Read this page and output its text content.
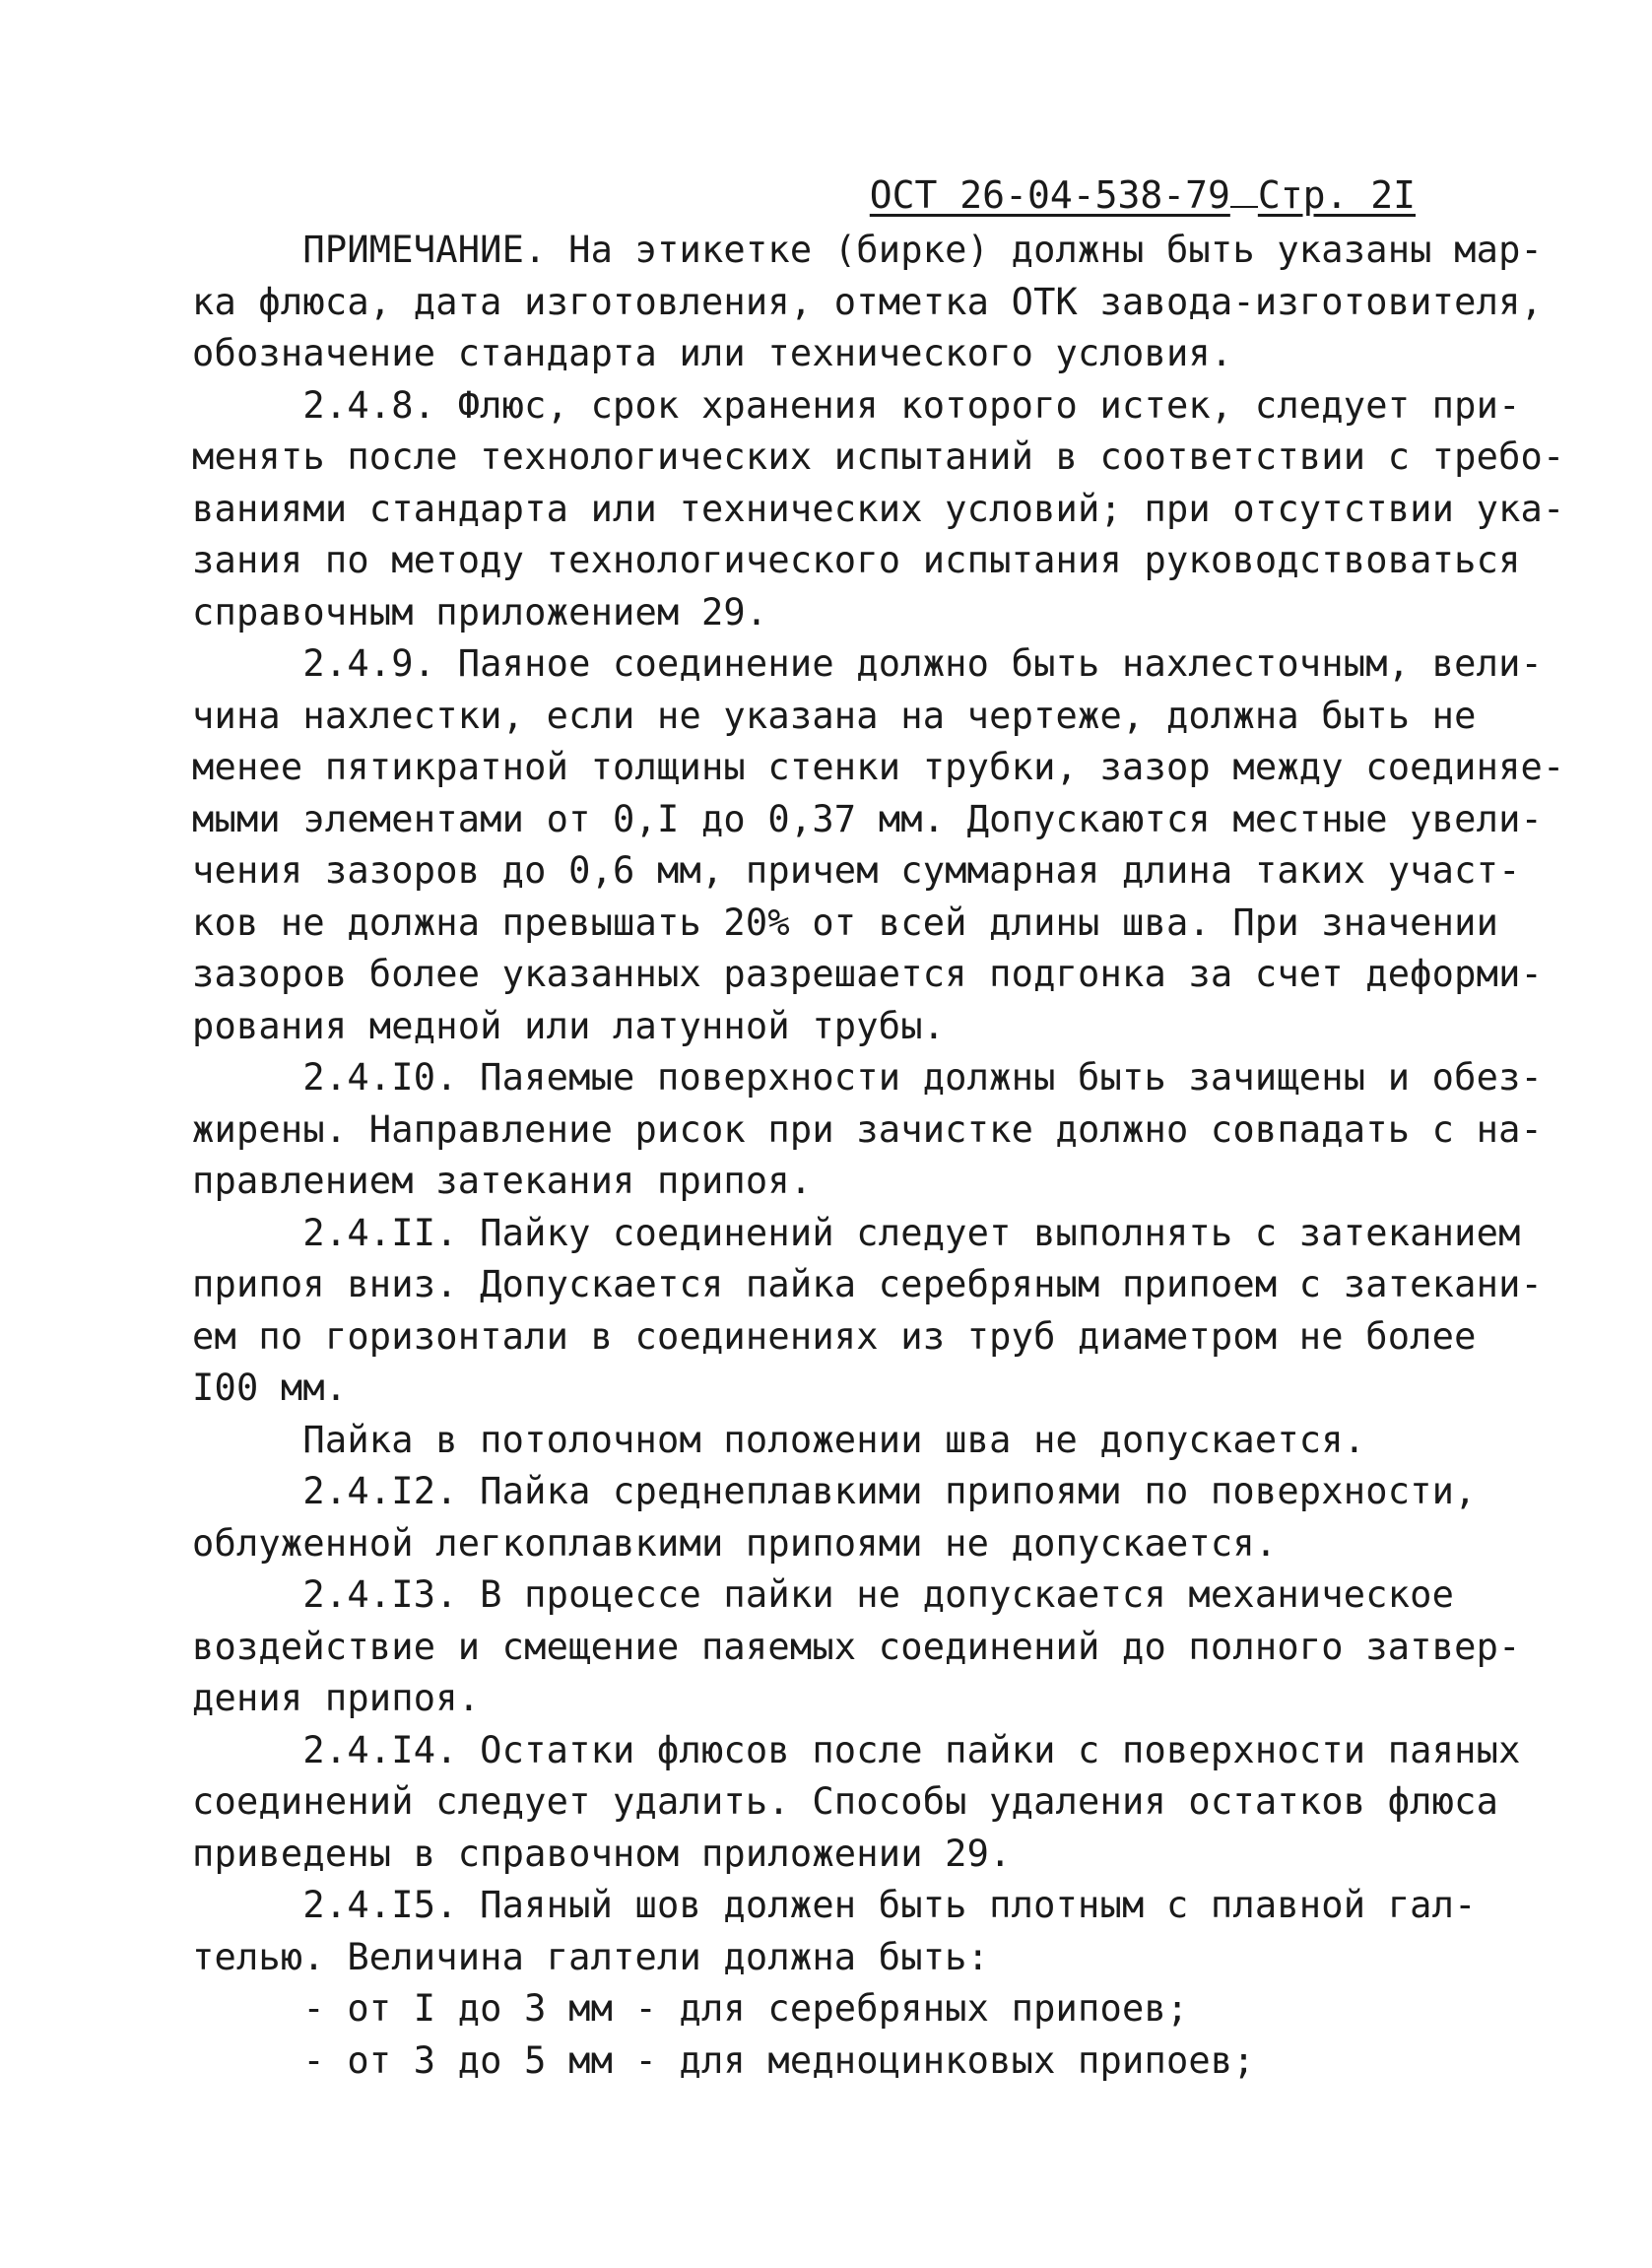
ОСТ 26-04-538-79 Стр. 2I
ПРИМЕЧАНИЕ. На этикетке (бирке) должны быть указаны мар-
ка флюса, дата изготовления, отметка ОТК завода-изготовителя,
обозначение стандарта или технического условия.
2.4.8. Флюс, срок хранения которого истек, следует при-
менять после технологических испытаний в соответствии с требо-
ваниями стандарта или технических условий; при отсутствии ука-
зания по методу технологического испытания руководствоваться
справочным приложением 29.
2.4.9. Паяное соединение должно быть нахлесточным, вели-
чина нахлестки, если не указана на чертеже, должна быть не
менее пятикратной толщины стенки трубки, зазор между соединяе-
мыми элементами от 0,I до 0,37 мм. Допускаются местные увели-
чения зазоров до 0,6 мм, причем суммарная длина таких участ-
ков не должна превышать 20% от всей длины шва. При значении
зазоров более указанных разрешается подгонка за счет деформи-
рования медной или латунной трубы.
2.4.I0. Паяемые поверхности должны быть зачищены и обез-
жирены. Направление рисок при зачистке должно совпадать с на-
правлением затекания припоя.
2.4.II. Пайку соединений следует выполнять с затеканием
припоя вниз. Допускается пайка серебряным припоем с затекани-
ем по горизонтали в соединениях из труб диаметром не более
I00 мм.
Пайка в потолочном положении шва не допускается.
2.4.I2. Пайка среднеплавкими припоями по поверхности,
облуженной легкоплавкими припоями не допускается.
2.4.I3. В процессе пайки не допускается механическое
воздействие и смещение паяемых соединений до полного затвер-
дения припоя.
2.4.I4. Остатки флюсов после пайки с поверхности паяных
соединений следует удалить. Способы удаления остатков флюса
приведены в справочном приложении 29.
2.4.I5. Паяный шов должен быть плотным с плавной гал-
телью. Величина галтели должна быть:
- от I до 3 мм - для серебряных припоев;
- от 3 до 5 мм - для медноцинковых припоев;
